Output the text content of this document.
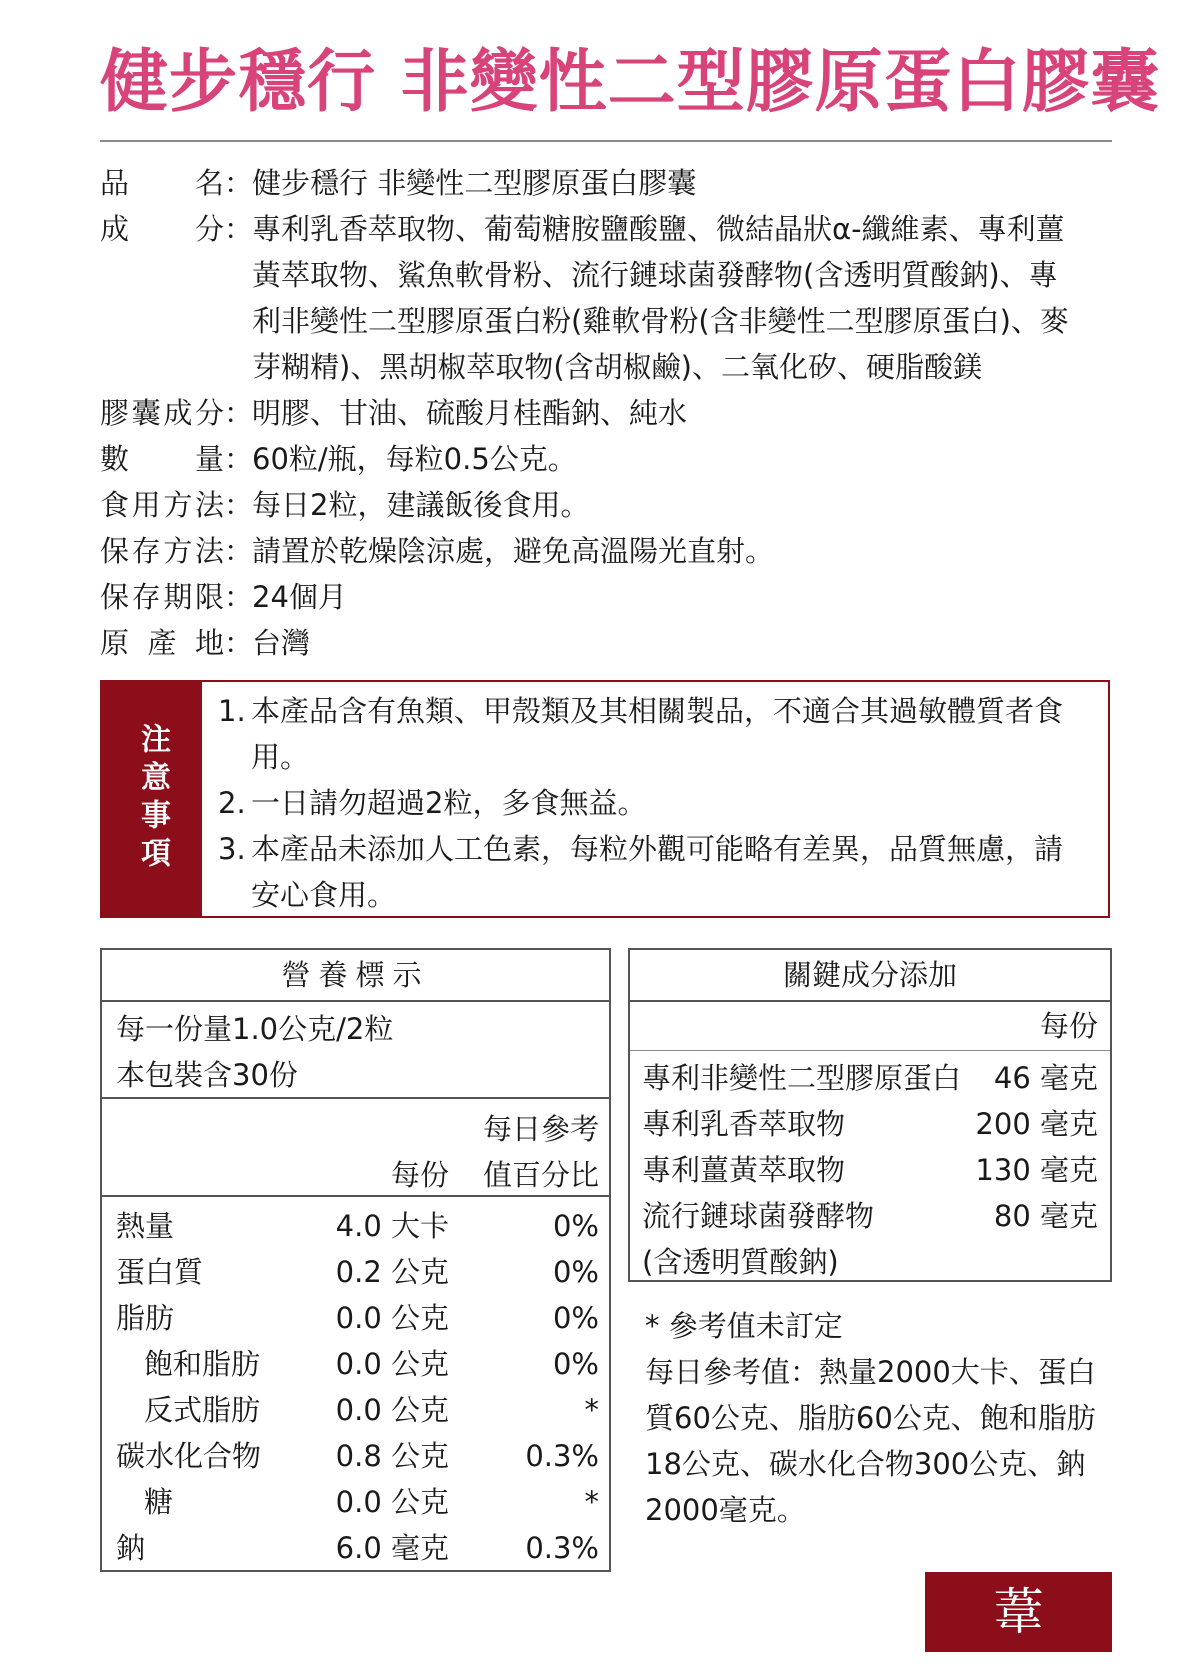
健步穩行 非變性二型膠原蛋白膠囊
品 名 ：
健步穩行 非變性二型膠原蛋白膠囊
成 分 ：
專利乳香萃取物、葡萄糖胺鹽酸鹽、微結晶狀α-纖維素、專利薑
黃萃取物、鯊魚軟骨粉、流行鏈球菌發酵物(含透明質酸鈉)、專
利非變性二型膠原蛋白粉(雞軟骨粉(含非變性二型膠原蛋白)、麥
芽糊精)、黑胡椒萃取物(含胡椒鹼)、二氧化矽、硬脂酸鎂
膠 囊 成 分 ：
明膠、甘油、硫酸月桂酯鈉、純水
數 量 ：
60粒/瓶，每粒0.5公克。
食 用 方 法 ：
每日2粒，建議飯後食用。
保 存 方 法 ：
請置於乾燥陰涼處，避免高溫陽光直射。
保 存 期 限 ：
24個月
原 產 地 ：
台灣
注意事項
1. 本產品含有魚類、甲殼類及其相關製品，不適合其過敏體質者食
用。
2. 一日請勿超過2粒，多食無益。
3. 本產品未添加人工色素，每粒外觀可能略有差異，品質無慮，請
安心食用。
營養標示
每一份量1.0公克/2粒
本包裝含30份
每日參考
每份 值百分比
熱量	4.0 大卡	0%
蛋白質	0.2 公克	0%
脂肪	0.0 公克	0%
飽和脂肪	0.0 公克	0%
反式脂肪	0.0 公克	*
碳水化合物	0.8 公克	0.3%
糖	0.0 公克	*
鈉	6.0 毫克	0.3%
關鍵成分添加
每份
專利非變性二型膠原蛋白 46 毫克
專利乳香萃取物	200 毫克
專利薑黃萃取物	130 毫克
流行鏈球菌發酵物	80 毫克
(含透明質酸鈉)
* 參考值未訂定
每日參考值：熱量2000大卡、蛋白
質60公克、脂肪60公克、飽和脂肪
18公克、碳水化合物300公克、鈉
2000毫克。
葦
